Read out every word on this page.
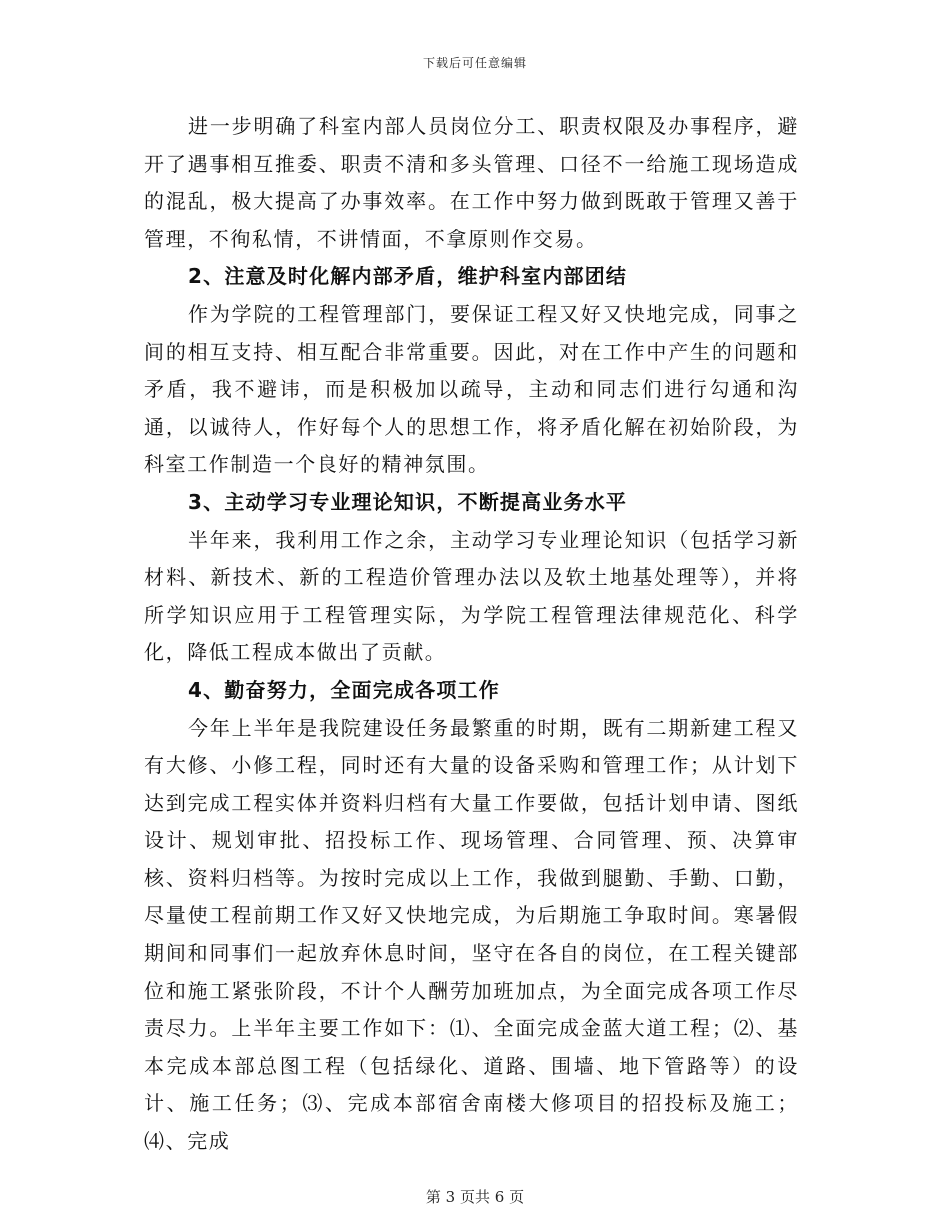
下载后可任意编辑

进一步明确了科室内部人员岗位分工、职责权限及办事程序，避开了遇事相互推委、职责不清和多头管理、口径不一给施工现场造成的混乱，极大提高了办事效率。在工作中努力做到既敢于管理又善于管理，不徇私情，不讲情面，不拿原则作交易。

2、注意及时化解内部矛盾，维护科室内部团结

作为学院的工程管理部门，要保证工程又好又快地完成，同事之间的相互支持、相互配合非常重要。因此，对在工作中产生的问题和矛盾，我不避讳，而是积极加以疏导，主动和同志们进行勾通和沟通，以诚待人，作好每个人的思想工作，将矛盾化解在初始阶段，为科室工作制造一个良好的精神氛围。

3、主动学习专业理论知识，不断提高业务水平

半年来，我利用工作之余，主动学习专业理论知识（包括学习新材料、新技术、新的工程造价管理办法以及软土地基处理等），并将所学知识应用于工程管理实际，为学院工程管理法律规范化、科学化，降低工程成本做出了贡献。

4、勤奋努力，全面完成各项工作

今年上半年是我院建设任务最繁重的时期，既有二期新建工程又有大修、小修工程，同时还有大量的设备采购和管理工作；从计划下达到完成工程实体并资料归档有大量工作要做，包括计划申请、图纸设计、规划审批、招投标工作、现场管理、合同管理、预、决算审核、资料归档等。为按时完成以上工作，我做到腿勤、手勤、口勤，尽量使工程前期工作又好又快地完成，为后期施工争取时间。寒暑假期间和同事们一起放弃休息时间，坚守在各自的岗位，在工程关键部位和施工紧张阶段，不计个人酬劳加班加点，为全面完成各项工作尽责尽力。上半年主要工作如下：⑴、全面完成金蓝大道工程；⑵、基本完成本部总图工程（包括绿化、道路、围墙、地下管路等）的设计、施工任务；⑶、完成本部宿舍南楼大修项目的招投标及施工；⑷、完成

第 3 页共 6 页
